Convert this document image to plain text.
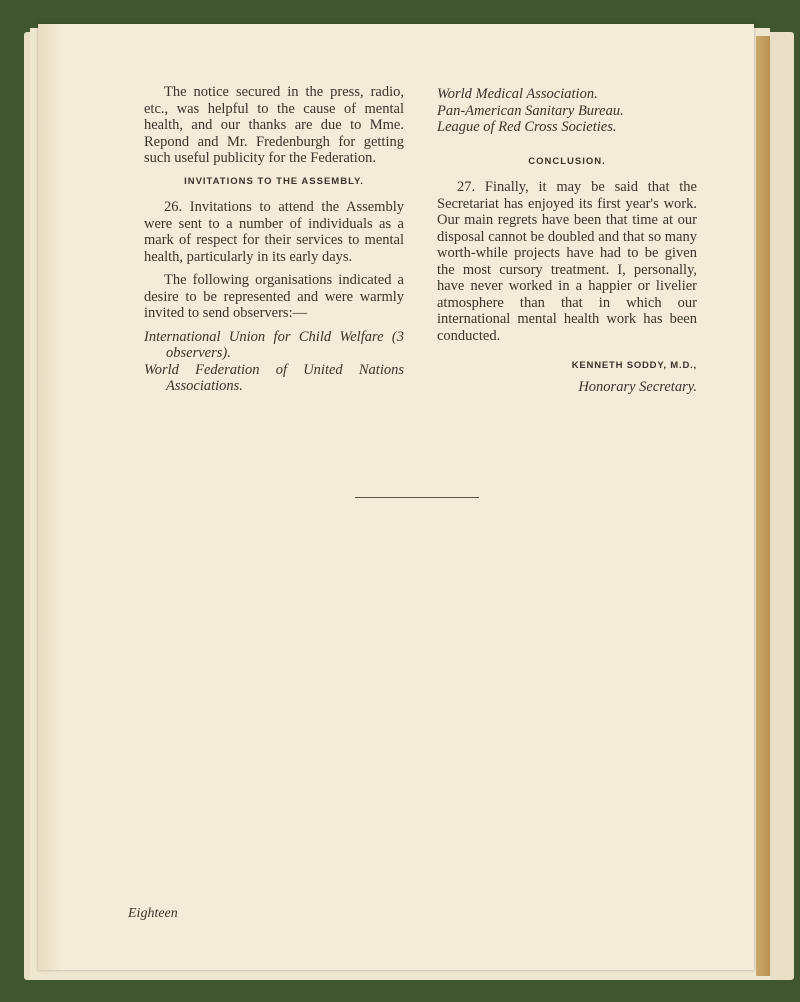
The notice secured in the press, radio, etc., was helpful to the cause of mental health, and our thanks are due to Mme. Repond and Mr. Fredenburgh for getting such useful publicity for the Federation.

INVITATIONS TO THE ASSEMBLY.

26. Invitations to attend the Assembly were sent to a number of individuals as a mark of respect for their services to mental health, particularly in its early days.

The following organisations indicated a desire to be represented and were warmly invited to send observers:—

International Union for Child Welfare (3 observers).

World Federation of United Nations Associations.

World Medical Association.

Pan-American Sanitary Bureau.

League of Red Cross Societies.

CONCLUSION.

27. Finally, it may be said that the Secretariat has enjoyed its first year's work. Our main regrets have been that time at our disposal cannot be doubled and that so many worth-while projects have had to be given the most cursory treatment. I, personally, have never worked in a happier or livelier atmosphere than that in which our international mental health work has been conducted.

KENNETH SODDY, M.D.,

Honorary Secretary.

Eighteen
